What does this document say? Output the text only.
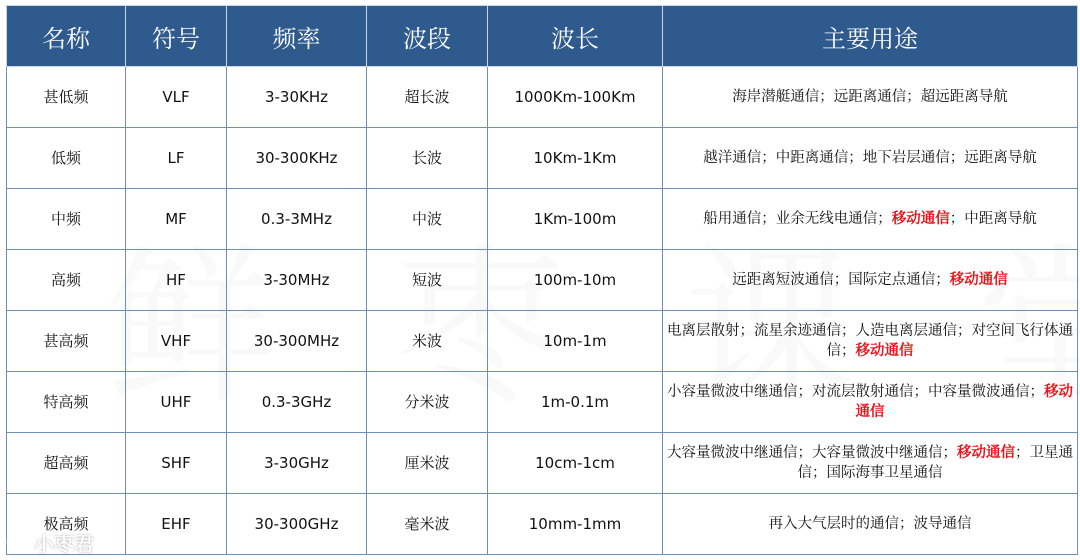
名称	符号	频率	波段	波长	主要用途
甚低频	VLF	3-30KHz	超长波	1000Km-100Km	海岸潜艇通信；远距离通信；超远距离导航
低频	LF	30-300KHz	长波	10Km-1Km	越洋通信；中距离通信；地下岩层通信；远距离导航
中频	MF	0.3-3MHz	中波	1Km-100m	船用通信；业余无线电通信；移动通信；中距离导航
高频	HF	3-30MHz	短波	100m-10m	远距离短波通信；国际定点通信；移动通信
甚高频	VHF	30-300MHz	米波	10m-1m	电离层散射；流星余迹通信；人造电离层通信；对空间飞行体通信；移动通信
特高频	UHF	0.3-3GHz	分米波	1m-0.1m	小容量微波中继通信；对流层散射通信；中容量微波通信；移动通信
超高频	SHF	3-30GHz	厘米波	10cm-1cm	大容量微波中继通信；大容量微波中继通信；移动通信；卫星通信；国际海事卫星通信
极高频	EHF	30-300GHz	毫米波	10mm-1mm	再入大气层时的通信；波导通信
小枣君
